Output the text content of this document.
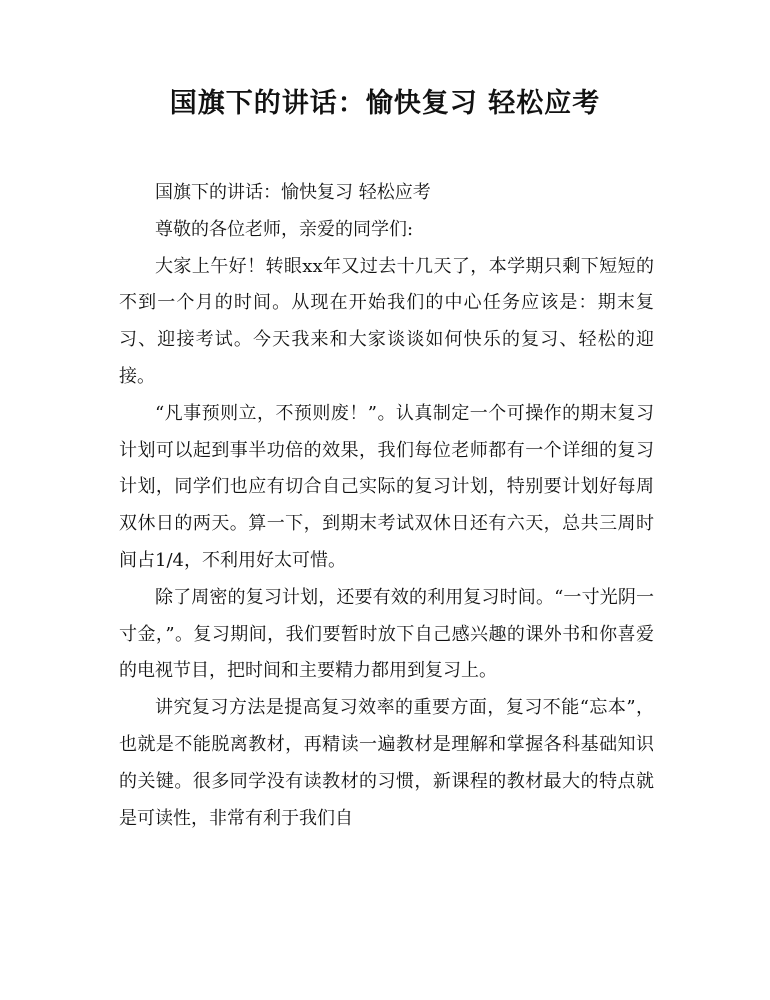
国旗下的讲话：愉快复习 轻松应考

国旗下的讲话：愉快复习 轻松应考

尊敬的各位老师，亲爱的同学们:

大家上午好！转眼xx年又过去十几天了，本学期只剩下短短的不到一个月的时间。从现在开始我们的中心任务应该是：期末复习、迎接考试。今天我来和大家谈谈如何快乐的复习、轻松的迎接。

“凡事预则立，不预则废！”。认真制定一个可操作的期末复习计划可以起到事半功倍的效果，我们每位老师都有一个详细的复习计划，同学们也应有切合自己实际的复习计划，特别要计划好每周双休日的两天。算一下，到期末考试双休日还有六天，总共三周时间占1/4，不利用好太可惜。

除了周密的复习计划，还要有效的利用复习时间。“一寸光阴一寸金，”。复习期间，我们要暂时放下自己感兴趣的课外书和你喜爱的电视节目，把时间和主要精力都用到复习上。

讲究复习方法是提高复习效率的重要方面，复习不能“忘本”，也就是不能脱离教材，再精读一遍教材是理解和掌握各科基础知识的关键。很多同学没有读教材的习惯，新课程的教材最大的特点就是可读性，非常有利于我们自
